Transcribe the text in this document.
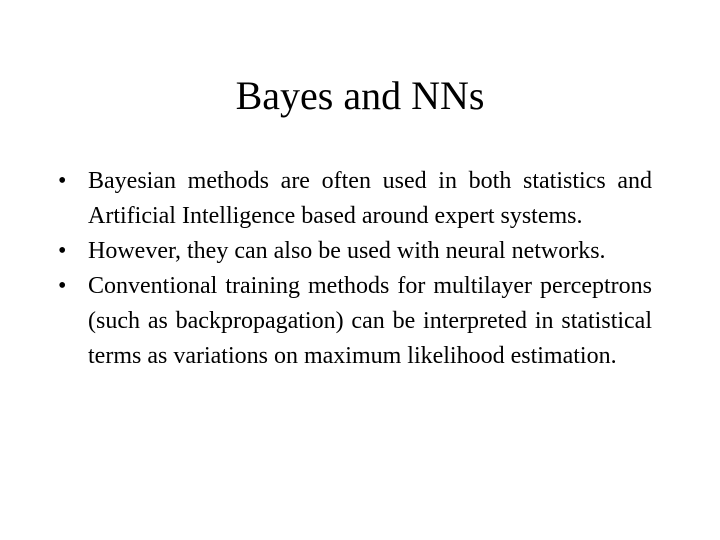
Bayes and NNs
• Bayesian methods are often used in both statistics and Artificial Intelligence based around expert systems.
• However, they can also be used with neural networks.
• Conventional training methods for multilayer perceptrons (such as backpropagation) can be interpreted in statistical terms as variations on maximum likelihood estimation.
